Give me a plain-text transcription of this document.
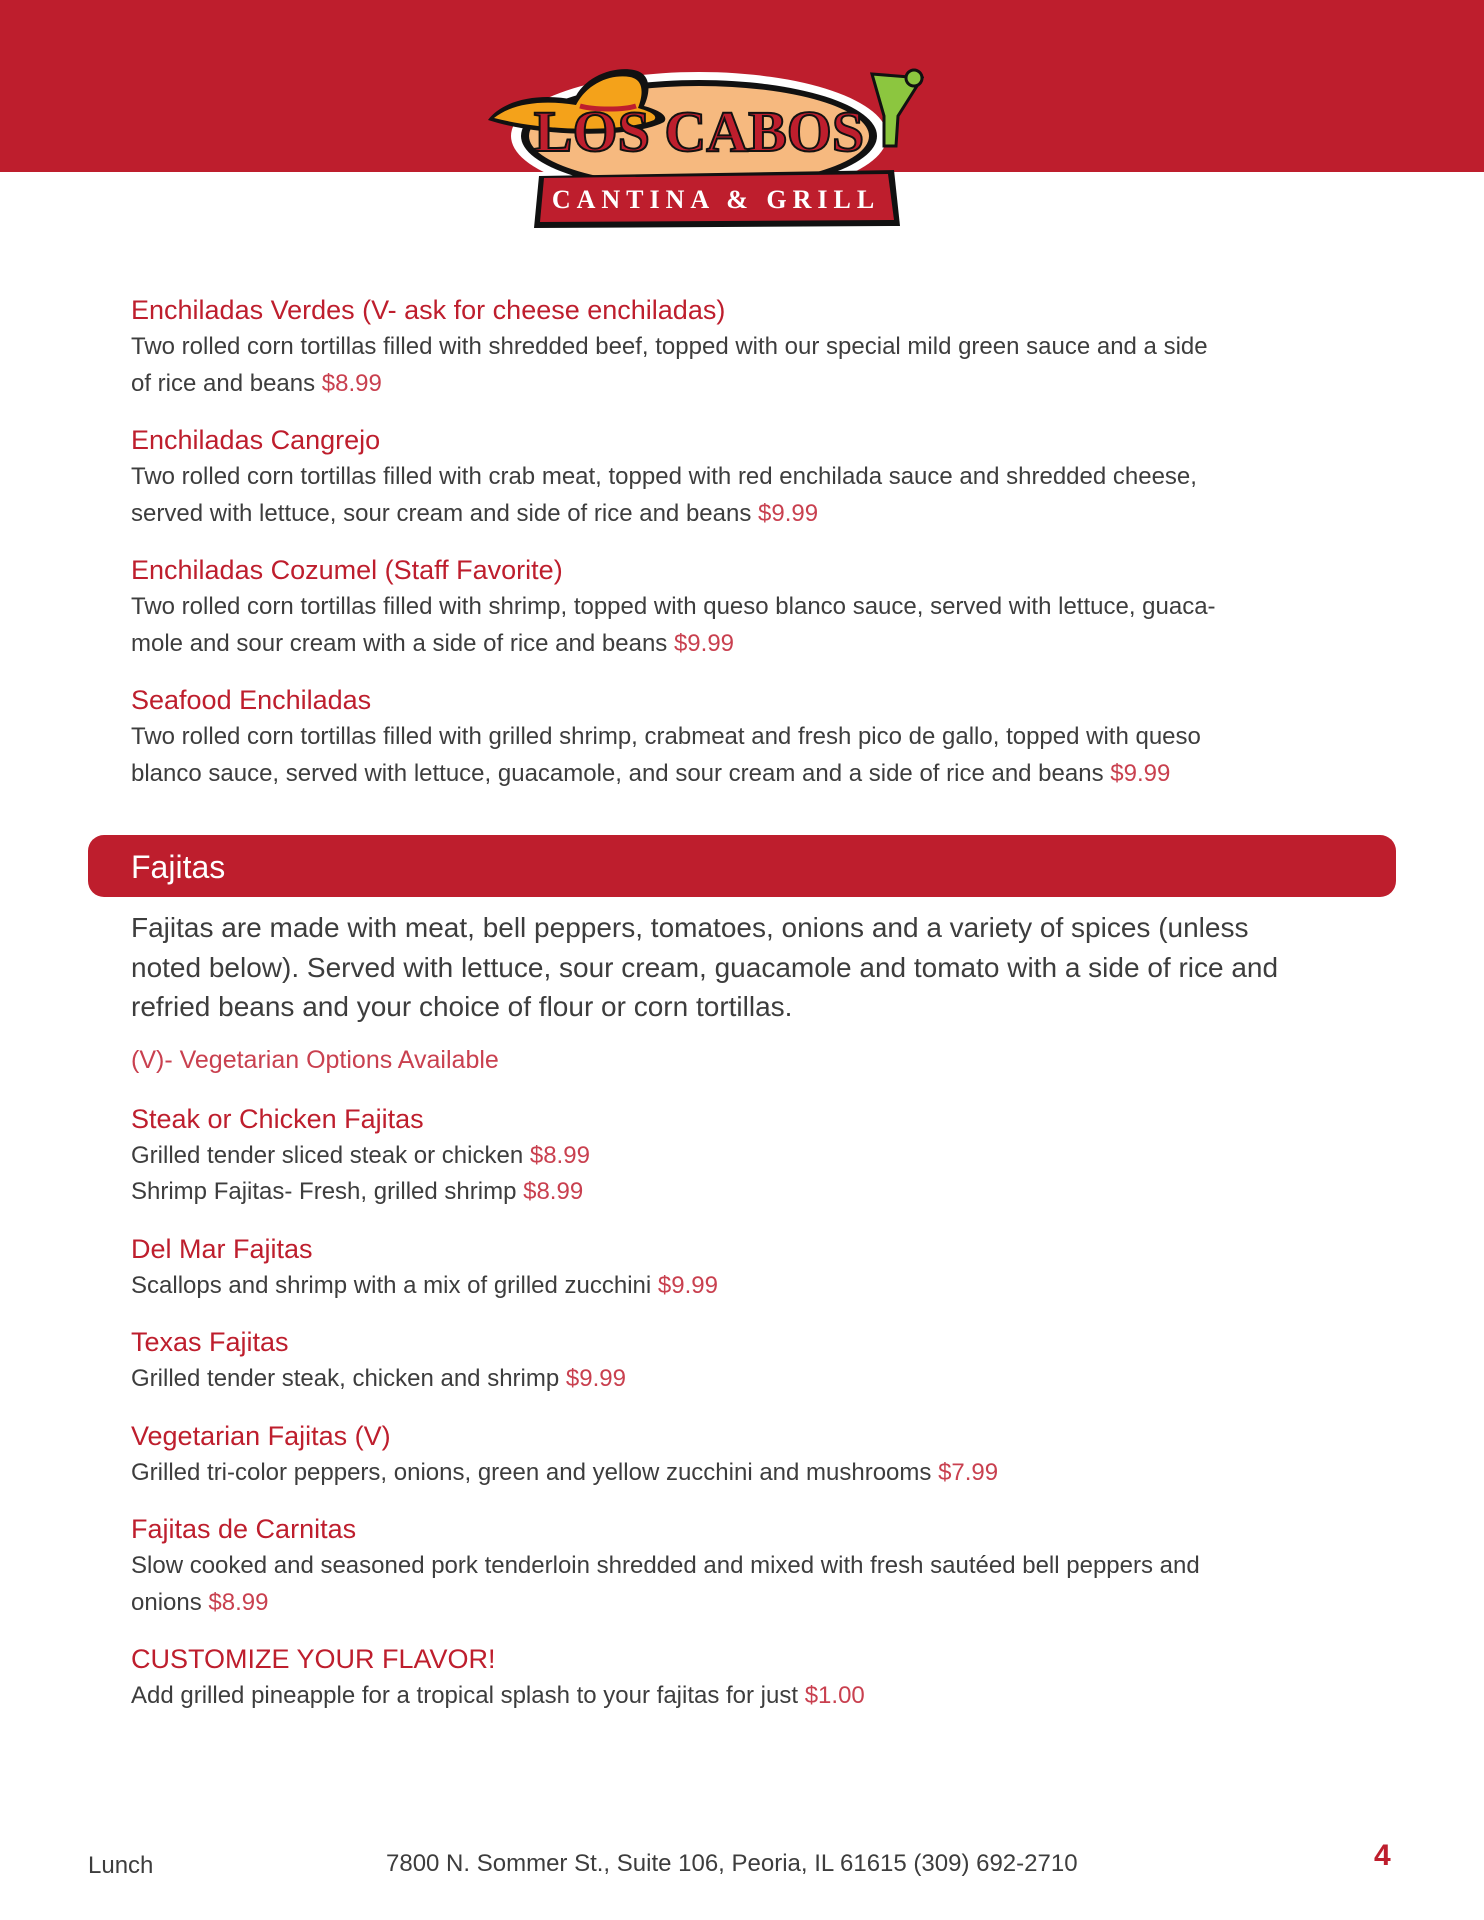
LOS CABOS
CANTINA & GRILL
Enchiladas Verdes (V- ask for cheese enchiladas)
Two rolled corn tortillas filled with shredded beef, topped with our special mild green sauce and a side
of rice and beans $8.99
Enchiladas Cangrejo
Two rolled corn tortillas filled with crab meat, topped with red enchilada sauce and shredded cheese,
served with lettuce, sour cream and side of rice and beans $9.99
Enchiladas Cozumel (Staff Favorite)
Two rolled corn tortillas filled with shrimp, topped with queso blanco sauce, served with lettuce, guaca-
mole and sour cream with a side of rice and beans $9.99
Seafood Enchiladas
Two rolled corn tortillas filled with grilled shrimp, crabmeat and fresh pico de gallo, topped with queso
blanco sauce, served with lettuce, guacamole, and sour cream and a side of rice and beans $9.99
Fajitas
Fajitas are made with meat, bell peppers, tomatoes, onions and a variety of spices (unless
noted below). Served with lettuce, sour cream, guacamole and tomato with a side of rice and
refried beans and your choice of flour or corn tortillas.
(V)- Vegetarian Options Available
Steak or Chicken Fajitas
Grilled tender sliced steak or chicken $8.99
Shrimp Fajitas- Fresh, grilled shrimp $8.99
Del Mar Fajitas
Scallops and shrimp with a mix of grilled zucchini $9.99
Texas Fajitas
Grilled tender steak, chicken and shrimp $9.99
Vegetarian Fajitas (V)
Grilled tri-color peppers, onions, green and yellow zucchini and mushrooms $7.99
Fajitas de Carnitas
Slow cooked and seasoned pork tenderloin shredded and mixed with fresh sautéed bell peppers and
onions $8.99
CUSTOMIZE YOUR FLAVOR!
Add grilled pineapple for a tropical splash to your fajitas for just $1.00
Lunch	7800 N. Sommer St., Suite 106, Peoria, IL 61615 (309) 692-2710	4
